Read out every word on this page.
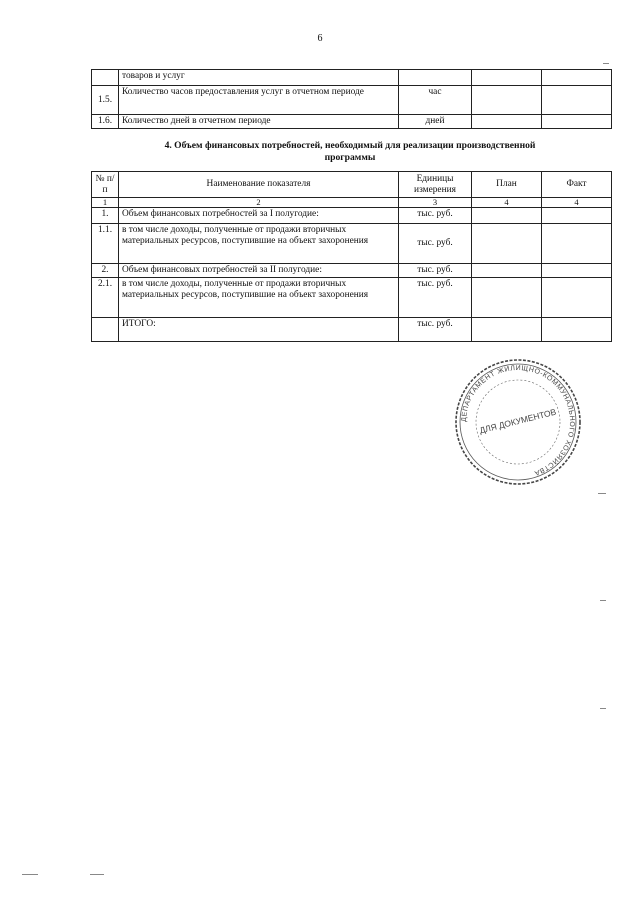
6
	товаров и услуг			
1.5.	Количество часов предоставления услуг в отчетном периоде	час		
1.6.	Количество дней в отчетном периоде	дней		
4. Объем финансовых потребностей, необходимый для реализации производственной программы
№ п/п	Наименование показателя	Единицы измерения	План	Факт
1	2	3	4	4
1.	Объем финансовых потребностей за I полугодие:	тыс. руб.		
1.1.	в том числе доходы, полученные от продажи вторичных материальных ресурсов, поступившие на объект захоронения	тыс. руб.		
2.	Объем финансовых потребностей за II полугодие:	тыс. руб.		
2.1.	в том числе доходы, полученные от продажи вторичных материальных ресурсов, поступившие на объект захоронения	тыс. руб.		
	ИТОГО:	тыс. руб.		
ДЕПАРТАМЕНТ ЖИЛИЩНО-КОММУНАЛЬНОГО ХОЗЯЙСТВА
ДЛЯ ДОКУМЕНТОВ
